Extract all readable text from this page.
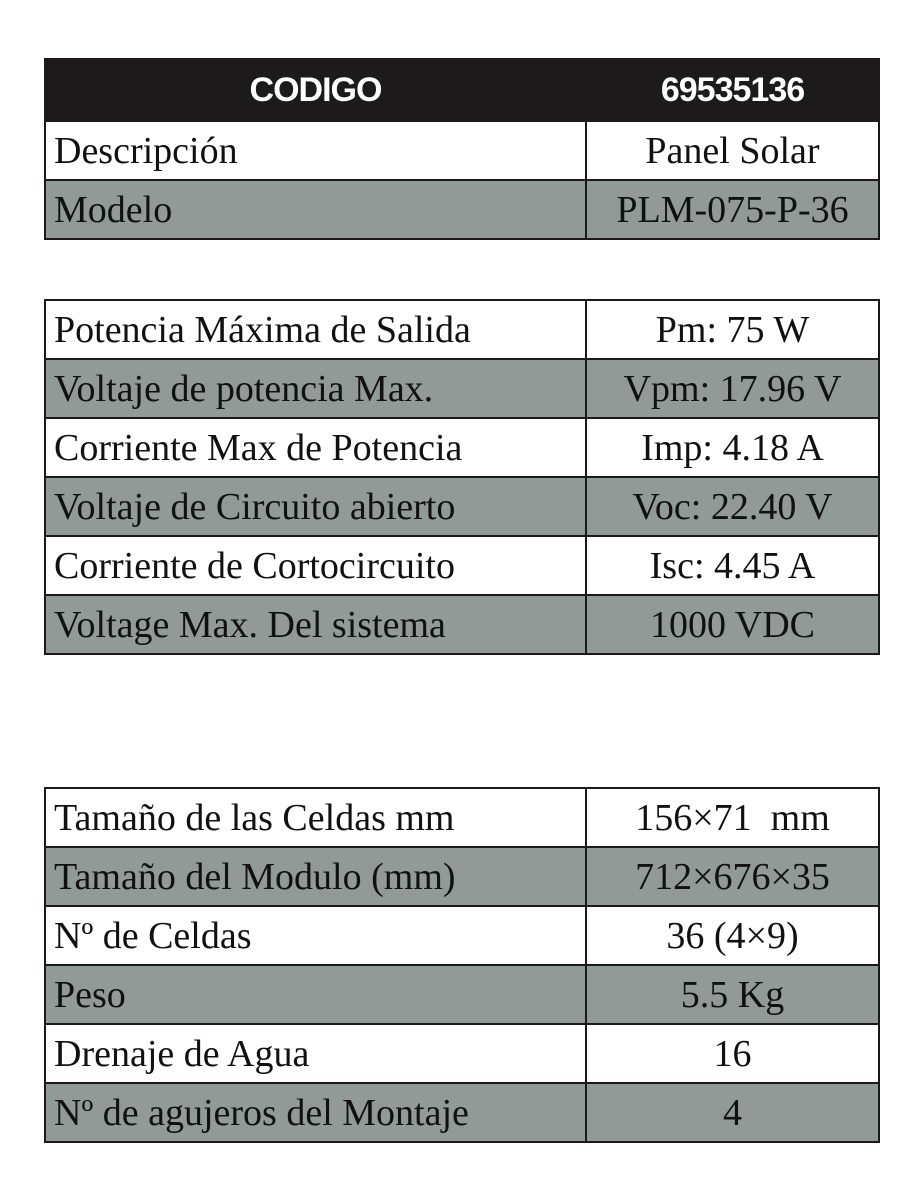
CODIGO	69535136
Descripción	Panel Solar
Modelo	PLM-075-P-36
Potencia Máxima de Salida	Pm: 75 W
Voltaje de potencia Max.	Vpm: 17.96 V
Corriente Max de Potencia	Imp: 4.18 A
Voltaje de Circuito abierto	Voc: 22.40 V
Corriente de Cortocircuito	Isc: 4.45 A
Voltage Max. Del sistema	1000 VDC
Tamaño de las Celdas mm	156×71  mm
Tamaño del Modulo (mm)	712×676×35
Nº de Celdas	36 (4×9)
Peso	5.5 Kg
Drenaje de Agua	16
Nº de agujeros del Montaje	4
